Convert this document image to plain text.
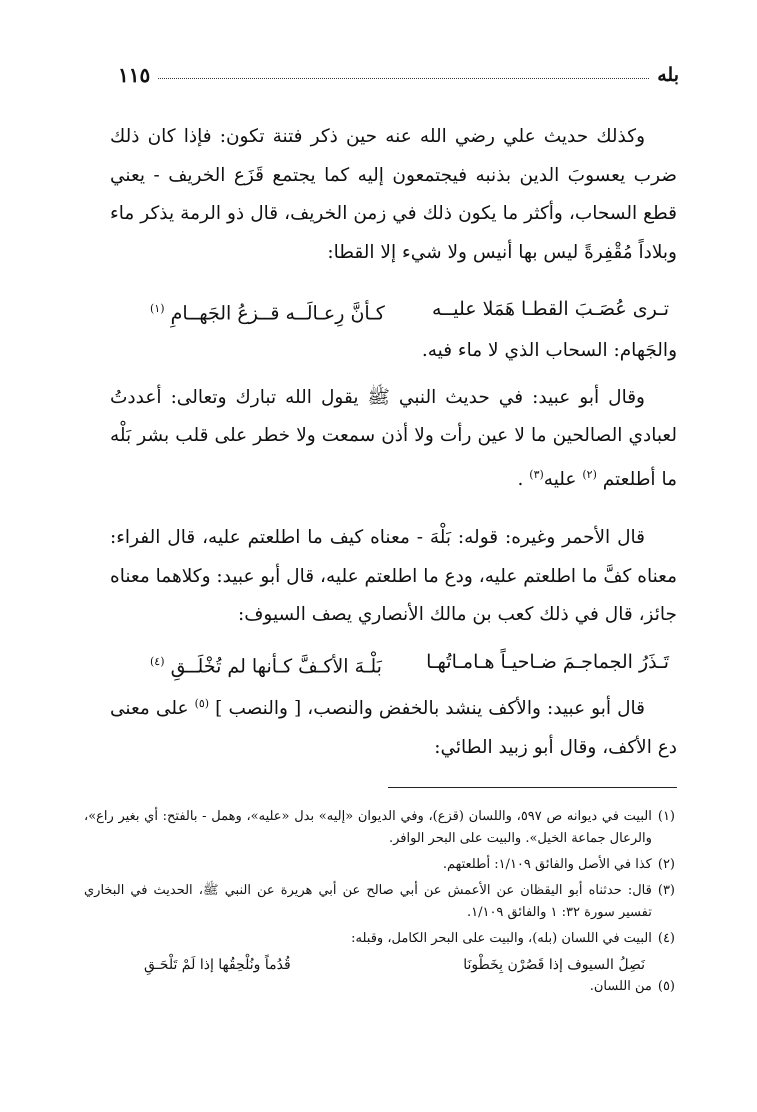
بله
١١٥

وكذلك حديث علي رضي الله عنه حين ذكر فتنة تكون: فإذا كان ذلك ضرب يعسوبَ الدين بذنبه فيجتمعون إليه كما يجتمع قَزَع الخريف - يعني قطع السحاب، وأكثر ما يكون ذلك في زمن الخريف، قال ذو الرمة يذكر ماء وبلاداً مُقْفِرةً ليس بها أنيس ولا شيء إلا القطا:

تـرى عُصَـبَ القطـا هَمَلا عليــه
كـأنَّ رِعـالَــه قــزعُ الجَهــامِ $^{(١)}$

والجَهام: السحاب الذي لا ماء فيه.

وقال أبو عبيد: في حديث النبي ﷺ يقول الله تبارك وتعالى: أعددتُ لعبادي الصالحين ما لا عين رأت ولا أذن سمعت ولا خطر على قلب بشر بَلْه ما أطلعتم $^{(٢)}$ عليه$^{(٣)}$ .

قال الأحمر وغيره: قوله: بَلْهَ - معناه كيف ما اطلعتم عليه، قال الفراء: معناه كفَّ ما اطلعتم عليه، ودع ما اطلعتم عليه، قال أبو عبيد: وكلاهما معناه جائز، قال في ذلك كعب بن مالك الأنصاري يصف السيوف:

تَـذَرُ الجماجـمَ ضـاحيـاً هـامـاتُهـا
بَلْـهَ الأكـفَّ كـأنها لم تُخْلَــقِ $^{(٤)}$

قال أبو عبيد: والأكف ينشد بالخفض والنصب، [ والنصب ] $^{(٥)}$ على معنى دع الأكف، وقال أبو زبيد الطائي:

(١)
البيت في ديوانه ص ٥٩٧، واللسان (قزع)، وفي الديوان «إليه» بدل «عليه»، وهمل - بالفتح: أي بغير راع»، والرعال جماعة الخيل». والبيت على البحر الوافر.
(٢)
كذا في الأصل والفائق ١/١٠٩: أطلعتهم.
(٣)
قال: حدثناه أبو اليقظان عن الأعمش عن أبي صالح عن أبي هريرة عن النبي ﷺ، الحديث في البخاري تفسير سورة ٣٢: ١ والفائق ١/١٠٩.
(٤)
البيت في اللسان (بله)، والبيت على البحر الكامل، وقبله:
نَصِلُ السيوف إذا قَصُرْن بِخَطْونَا
قُدُماً ونُلْحِقُها إذا لَمْ تَلْحَـقِ
(٥)
من اللسان.
